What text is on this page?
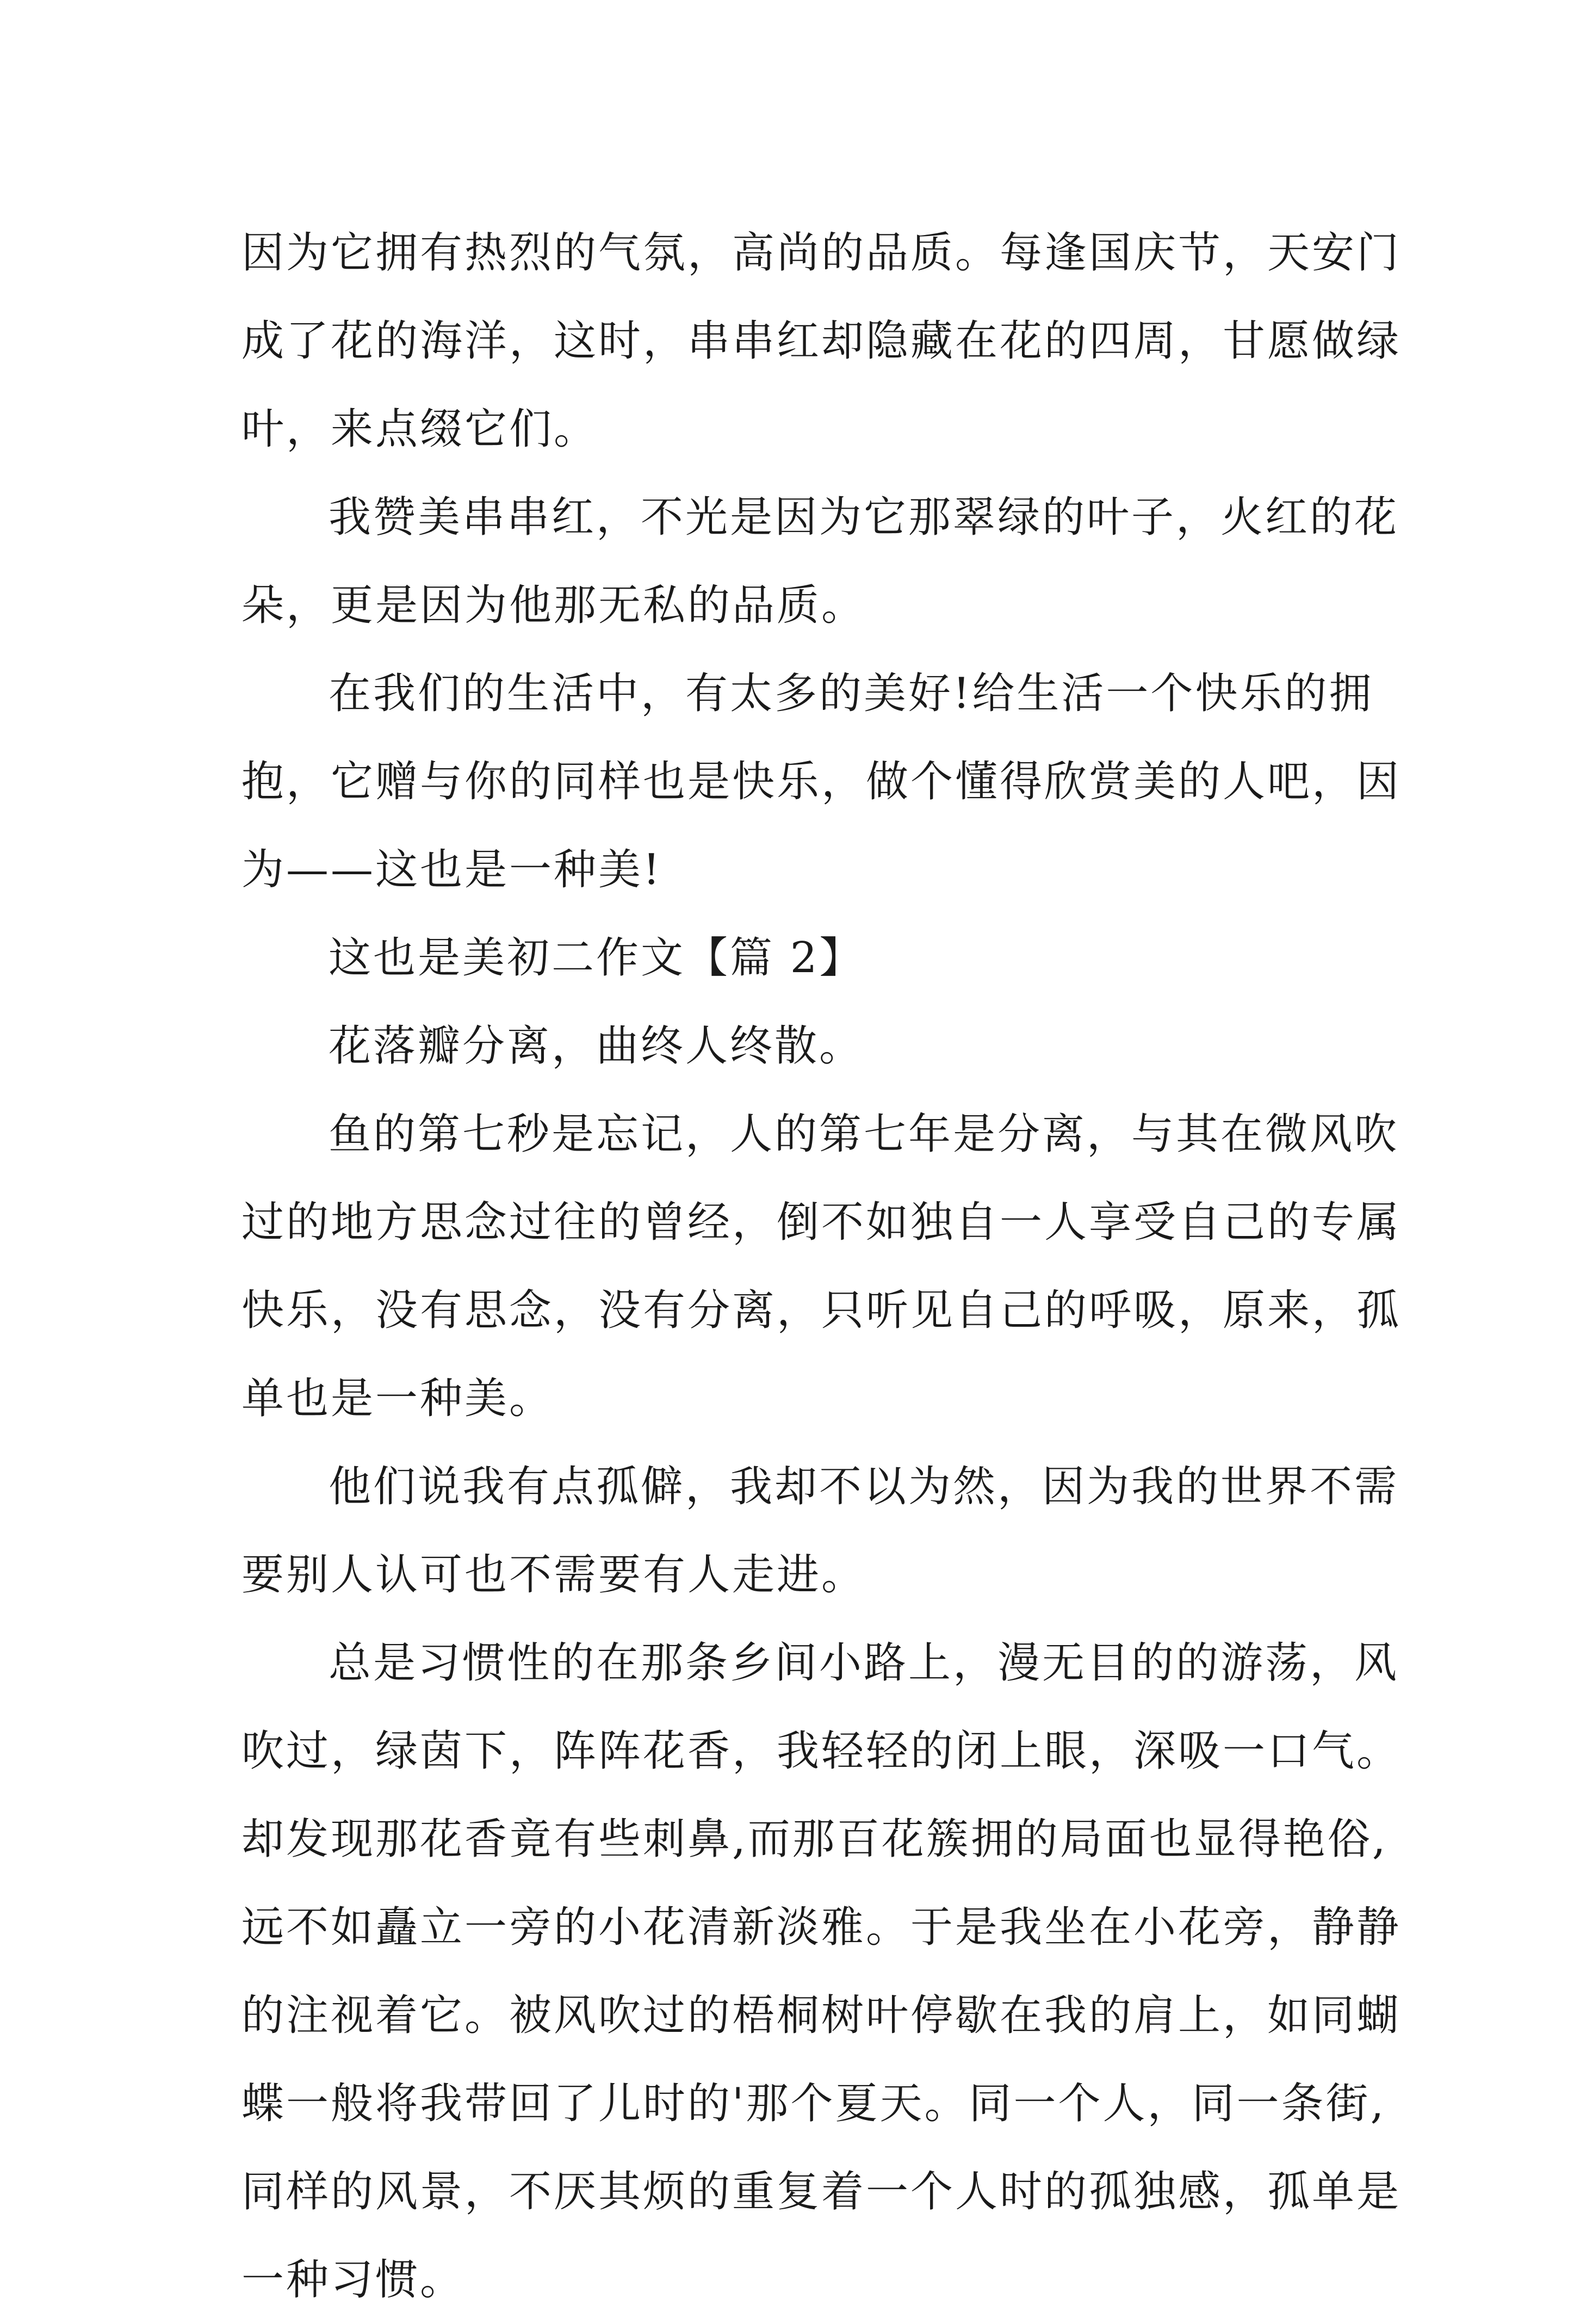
因为它拥有热烈的气氛，高尚的品质。每逢国庆节，天安门
成了花的海洋，这时，串串红却隐藏在花的四周，甘愿做绿
叶，来点缀它们。
我赞美串串红，不光是因为它那翠绿的叶子，火红的花
朵，更是因为他那无私的品质。
在我们的生活中，有太多的美好!给生活一个快乐的拥
抱，它赠与你的同样也是快乐，做个懂得欣赏美的人吧，因
为——这也是一种美!
这也是美初二作文【篇 2】
花落瓣分离，曲终人终散。
鱼的第七秒是忘记，人的第七年是分离，与其在微风吹
过的地方思念过往的曾经，倒不如独自一人享受自己的专属
快乐，没有思念，没有分离，只听见自己的呼吸，原来，孤
单也是一种美。
他们说我有点孤僻，我却不以为然，因为我的世界不需
要别人认可也不需要有人走进。
总是习惯性的在那条乡间小路上，漫无目的的游荡，风
吹过，绿茵下，阵阵花香，我轻轻的闭上眼，深吸一口气。
却发现那花香竟有些刺鼻,而那百花簇拥的局面也显得艳俗,
远不如矗立一旁的小花清新淡雅。于是我坐在小花旁，静静
的注视着它。被风吹过的梧桐树叶停歇在我的肩上，如同蝴
蝶一般将我带回了儿时的'那个夏天。同一个人，同一条街,
同样的风景，不厌其烦的重复着一个人时的孤独感，孤单是
一种习惯。
